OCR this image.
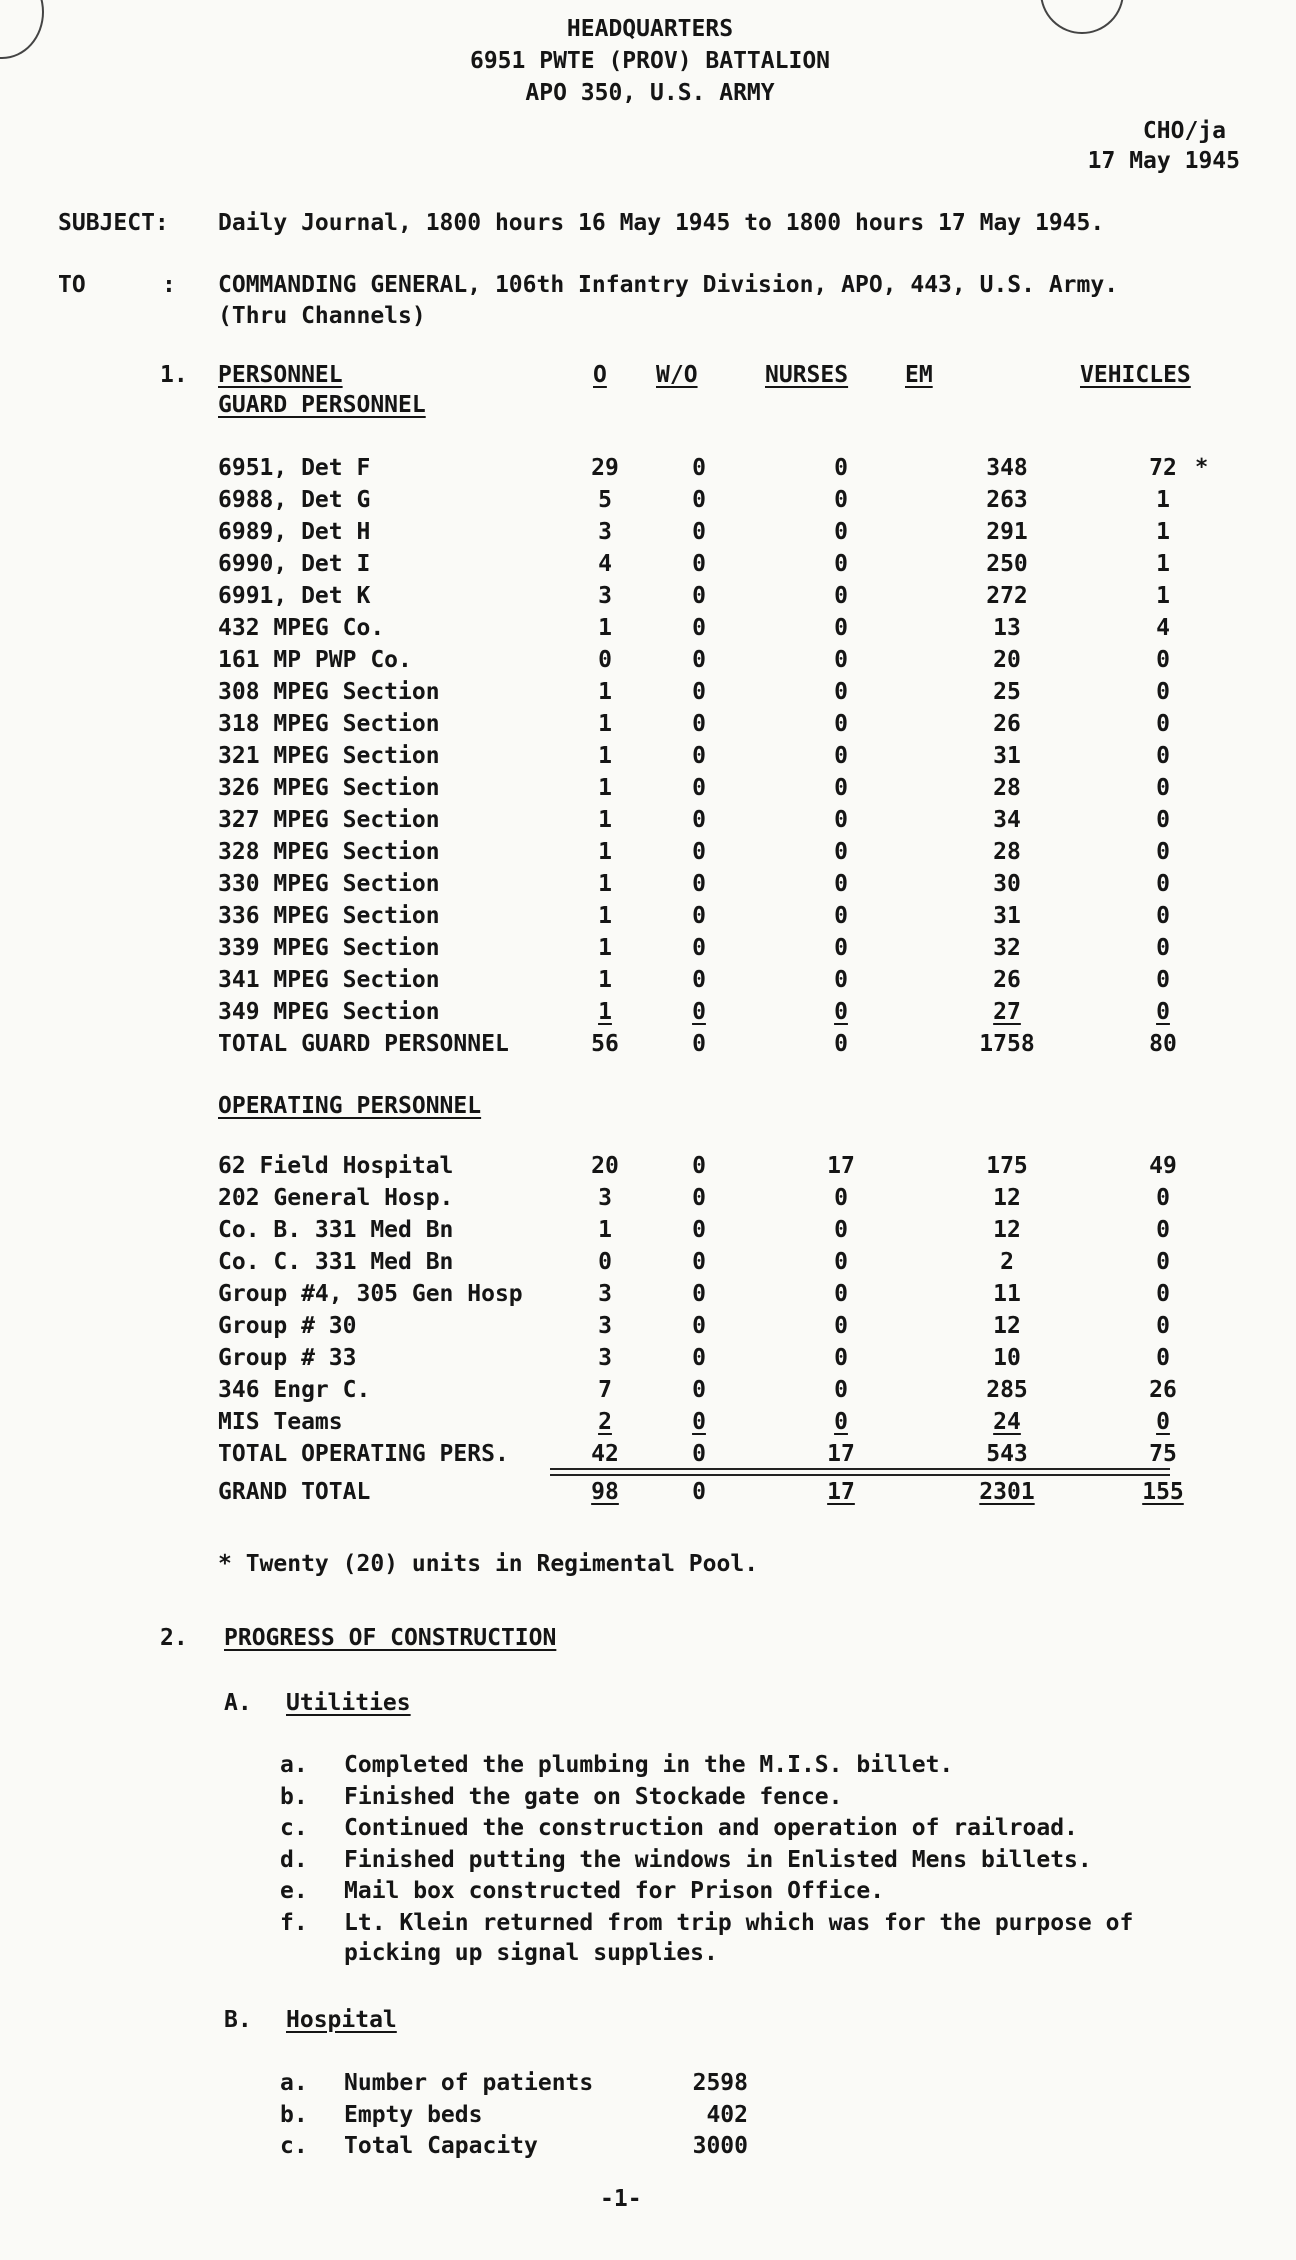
HEADQUARTERS
6951 PWTE (PROV) BATTALION
APO 350, U.S. ARMY
CHO/ja
17 May 1945
SUBJECT: Daily Journal, 1800 hours 16 May 1945 to 1800 hours 17 May 1945.
TO	: COMMANDING GENERAL, 106th Infantry Division, APO, 443, U.S. Army.
(Thru Channels)
1. PERSONNEL
GUARD PERSONNEL
O W/O	NURSES EM	VEHICLES
6951, Det F	29	0	0	348	72
6988, Det G	5	0	0	263	1
6989, Det H	3	0	0	291	1
6990, Det I	4	0	0	250	1
6991, Det K	3	0	0	272	1
432 MPEG Co.	1	0	0	13	4
161 MP PWP Co.	0	0	0	20	0
308 MPEG Section	1	0	0	25	0
318 MPEG Section	1	0	0	26	0
321 MPEG Section	1	0	0	31	0
326 MPEG Section	1	0	0	28	0
327 MPEG Section	1	0	0	34	0
328 MPEG Section	1	0	0	28	0
330 MPEG Section	1	0	0	30	0
336 MPEG Section	1	0	0	31	0
339 MPEG Section	1	0	0	32	0
341 MPEG Section	1	0	0	26	0
349 MPEG Section	1	0	0	27	0
TOTAL GUARD PERSONNEL	56	0	0	1758	80
*
OPERATING PERSONNEL
62 Field Hospital	20	0	17	175	49
202 General Hosp.	3	0	0	12	0
Co. B. 331 Med Bn	1	0	0	12	0
Co. C. 331 Med Bn	0	0	0	2	0
Group #4, 305 Gen Hosp	3	0	0	11	0
Group # 30	3	0	0	12	0
Group # 33	3	0	0	10	0
346 Engr C.	7	0	0	285	26
MIS Teams	2	0	0	24	0
TOTAL OPERATING PERS.	42	0	17	543	75
GRAND TOTAL	98	0	17	2301	155
* Twenty (20) units in Regimental Pool.
2. PROGRESS OF CONSTRUCTION
A. Utilities
a. Completed the plumbing in the M.I.S. billet.
b. Finished the gate on Stockade fence.
c. Continued the construction and operation of railroad.
d. Finished putting the windows in Enlisted Mens billets.
e. Mail box constructed for Prison Office.
f. Lt. Klein returned from trip which was for the purpose of
picking up signal supplies.
B. Hospital
a. Number of patients	2598
b. Empty beds	402
c. Total Capacity	3000
-1-
